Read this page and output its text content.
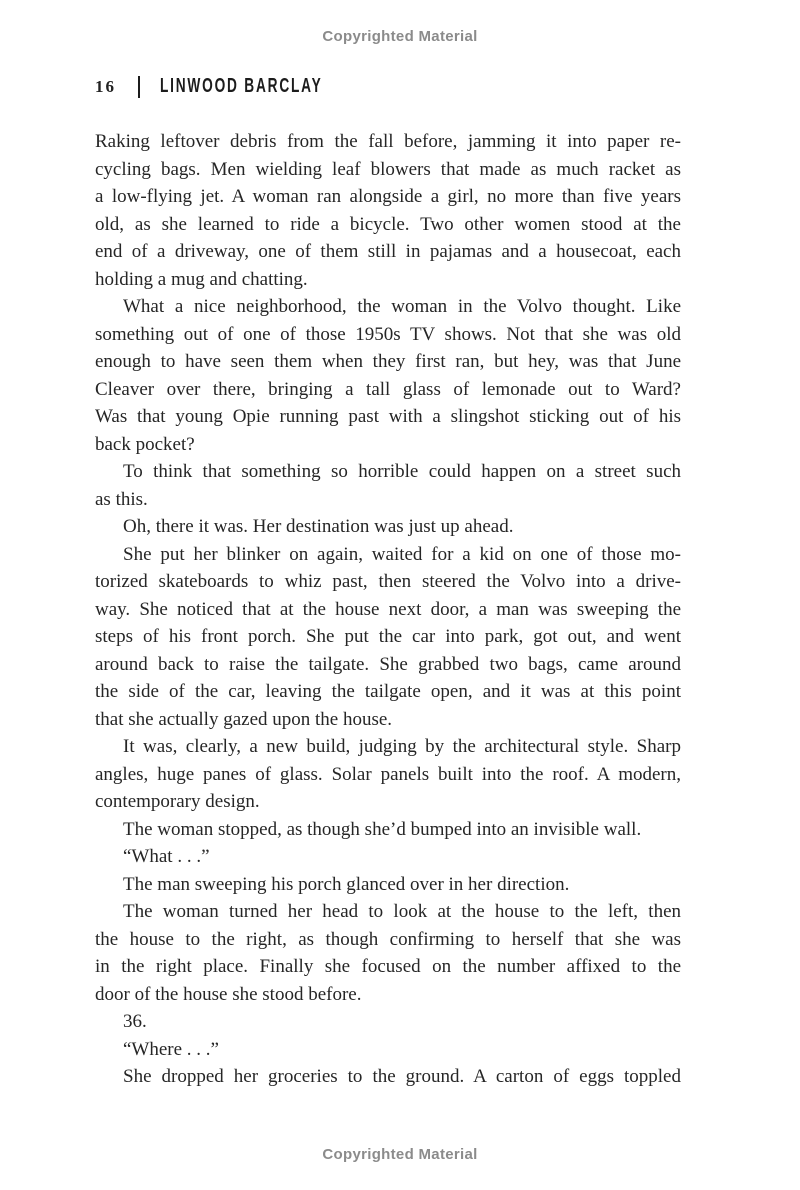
Copyrighted Material
16 LINWOOD BARCLAY
Raking leftover debris from the fall before, jamming it into paper re-
cycling bags. Men wielding leaf blowers that made as much racket as
a low-flying jet. A woman ran alongside a girl, no more than five years
old, as she learned to ride a bicycle. Two other women stood at the
end of a driveway, one of them still in pajamas and a housecoat, each
holding a mug and chatting.
What a nice neighborhood, the woman in the Volvo thought. Like
something out of one of those 1950s TV shows. Not that she was old
enough to have seen them when they first ran, but hey, was that June
Cleaver over there, bringing a tall glass of lemonade out to Ward?
Was that young Opie running past with a slingshot sticking out of his
back pocket?
To think that something so horrible could happen on a street such
as this.
Oh, there it was. Her destination was just up ahead.
She put her blinker on again, waited for a kid on one of those mo-
torized skateboards to whiz past, then steered the Volvo into a drive-
way. She noticed that at the house next door, a man was sweeping the
steps of his front porch. She put the car into park, got out, and went
around back to raise the tailgate. She grabbed two bags, came around
the side of the car, leaving the tailgate open, and it was at this point
that she actually gazed upon the house.
It was, clearly, a new build, judging by the architectural style. Sharp
angles, huge panes of glass. Solar panels built into the roof. A modern,
contemporary design.
The woman stopped, as though she’d bumped into an invisible wall.
“What . . .”
The man sweeping his porch glanced over in her direction.
The woman turned her head to look at the house to the left, then
the house to the right, as though confirming to herself that she was
in the right place. Finally she focused on the number affixed to the
door of the house she stood before.
36.
“Where . . .”
She dropped her groceries to the ground. A carton of eggs toppled
Copyrighted Material
